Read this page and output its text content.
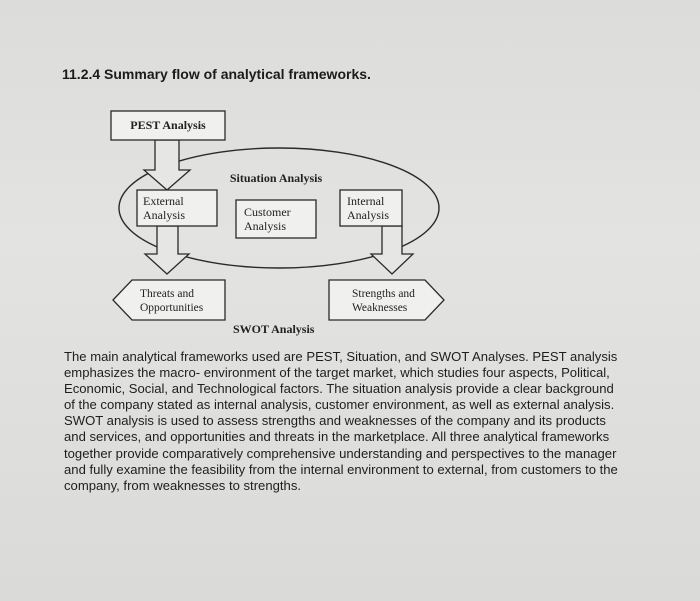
11.2.4 Summary flow of analytical frameworks.
PEST Analysis
Situation Analysis
External
Analysis	Customer
Analysis
Internal
Analysis
Threats and
Opportunities
Strengths and
Weaknesses
SWOT Analysis
The main analytical frameworks used are PEST, Situation, and SWOT Analyses. PEST analysis
emphasizes the macro- environment of the target market, which studies four aspects, Political,
Economic, Social, and Technological factors. The situation analysis provide a clear background
of the company stated as internal analysis, customer environment, as well as external analysis.
SWOT analysis is used to assess strengths and weaknesses of the company and its products
and services, and opportunities and threats in the marketplace. All three analytical frameworks
together provide comparatively comprehensive understanding and perspectives to the manager
and fully examine the feasibility from the internal environment to external, from customers to the
company, from weaknesses to strengths.
